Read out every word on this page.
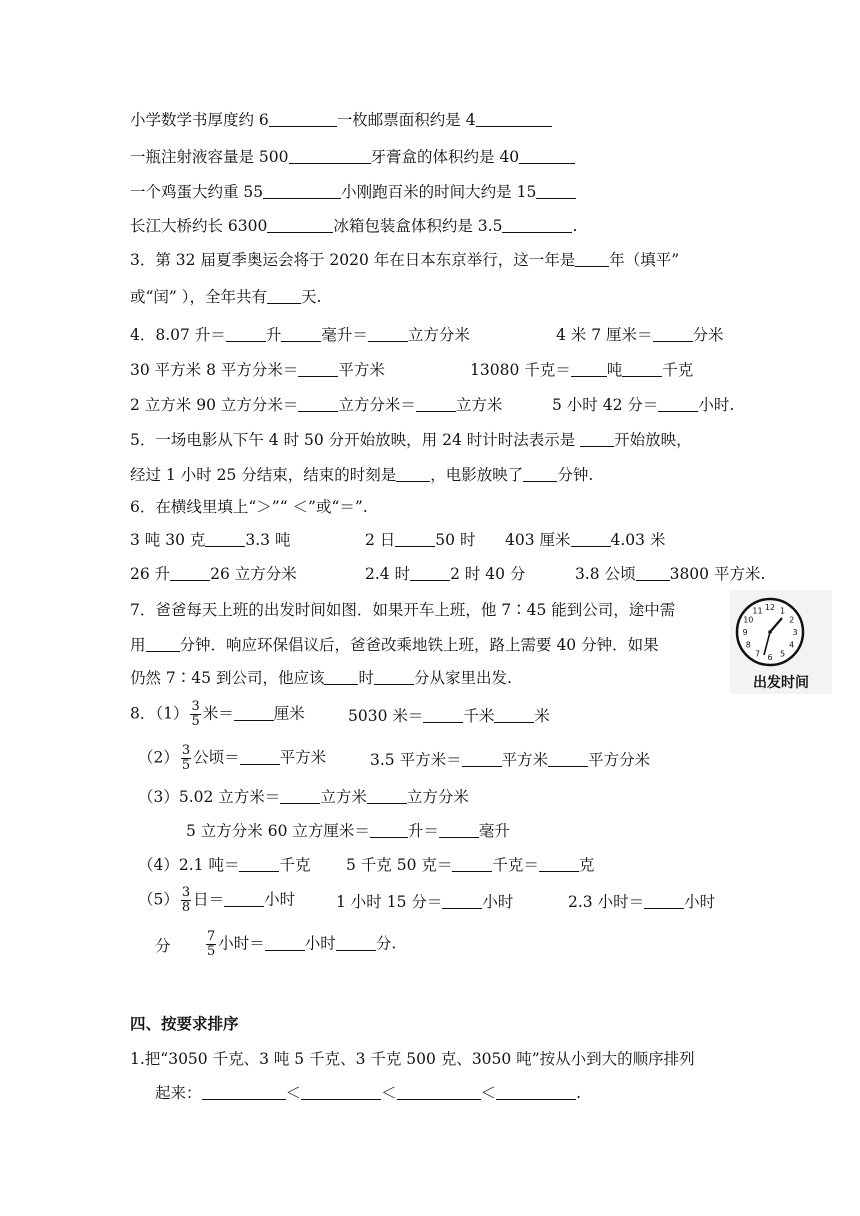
小学数学书厚度约 6	一枚邮票面积约是 4
一瓶注射液容量是 500	牙膏盒的体积约是 40
一个鸡蛋大约重 55	小刚跑百米的时间大约是 15
长江大桥约长 6300	冰箱包装盒体积约是 3.5	.
3．第 32 届夏季奥运会将于 2020 年在日本东京举行，这一年是 年（填平”
或“闰” ），全年共有 天.
4．8.07 升＝	升	毫升＝	立方分米	4 米 7 厘米＝	分米
30 平方米 8 平方分米＝	平方米	13080 千克＝ 吨	千克
2 立方米 90 立方分米＝	立方分米＝	立方米	5 小时 42 分＝	小时.
5．一场电影从下午 4 时 50 分开始放映，用 24 时计时法表示是	开始放映，
经过 1 小时 25 分结束，结束的时刻是 ，电影放映了 分钟.
6．在横线里填上“＞”“ ＜”或“＝”.
3 吨 30 克	3.3 吨	2 日	50 时 403 厘米	4.03 米
26 升	26 立方分米	2.4 时	2 时 40 分	3.8 公顷 3800 平方米.
7．爸爸每天上班的出发时间如图．如果开车上班，他 7∶45 能到公司，途中需
用 分钟．响应环保倡议后，爸爸改乘地铁上班，路上需要 40 分钟．如果
仍然 7∶45 到公司，他应该 时	分从家里出发.
12 1
2
3
4
5
6
7
8
9
10
11
出发时间
8．$(1) \frac{3}{5}$ 米＝	厘米	5030 米＝	千米	米
$(2) \frac{3}{5}$ 公顷＝	平方米	3.5 平方米＝	平方米	平方分米
（3）5.02 立方米＝	立方米	立方分米
5 立方分米 60 立方厘米＝ 升＝	毫升
（4）2.1 吨＝	千克 5 千克 50 克＝	千克＝	克
$(5) \frac{3}{8}$ 日＝	小时	1 小时 15 分＝	小时	2.3 小时＝	小时
分	$\frac{7}{5}$ 小时＝	小时	分.
四、按要求排序
1.把“3050 千克、3 吨 5 千克、3 千克 500 克、3050 吨”按从小到大的顺序排列
起来：	＜	＜	＜	.
